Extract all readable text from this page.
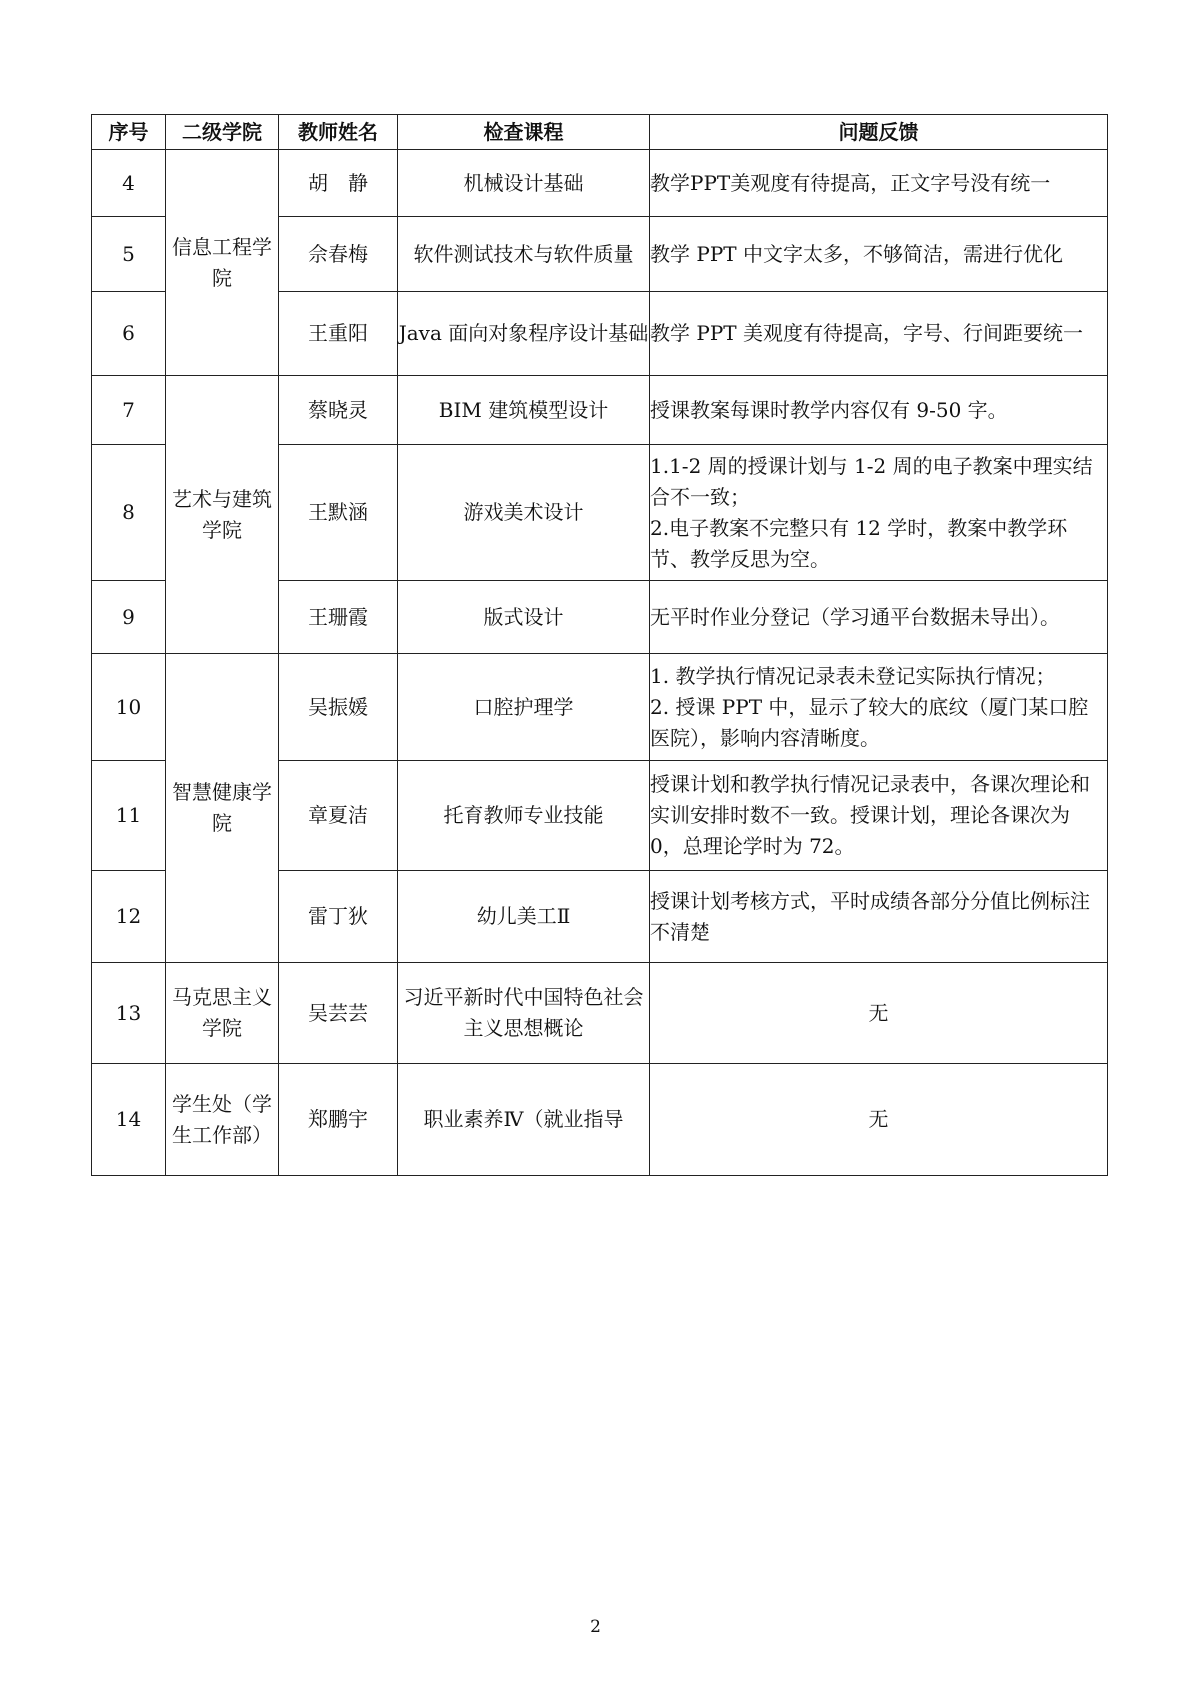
序号	二级学院	教师姓名	检查课程	问题反馈
4	信息工程学院	胡　静	机械设计基础	教学PPT美观度有待提高，正文字号没有统一

5		佘春梅	软件测试技术与软件质量	教学 PPT 中文字太多，不够简洁，需进行优化

6		王重阳	Java 面向对象程序设计基础	教学 PPT 美观度有待提高，字号、行间距要统一

7	艺术与建筑学院	蔡晓灵	BIM 建筑模型设计	授课教案每课时教学内容仅有 9-50 字。

8		王默涵	游戏美术设计	1.1-2 周的授课计划与 1-2 周的电子教案中理实结合不一致；
2.电子教案不完整只有 12 学时，教案中教学环节、教学反思为空。

9		王珊霞	版式设计	无平时作业分登记（学习通平台数据未导出）。

10	智慧健康学院	吴振媛	口腔护理学	1. 教学执行情况记录表未登记实际执行情况；
2. 授课 PPT 中，显示了较大的底纹（厦门某口腔医院），影响内容清晰度。

11		章夏洁	托育教师专业技能	授课计划和教学执行情况记录表中，各课次理论和实训安排时数不一致。授课计划，理论各课次为 0，总理论学时为 72。

12		雷丁狄	幼儿美工Ⅱ	授课计划考核方式，平时成绩各部分分值比例标注不清楚

13	马克思主义学院	吴芸芸	习近平新时代中国特色社会主义思想概论	无

14	学生处（学生工作部）	郑鹏宇	职业素养Ⅳ（就业指导	无
2
